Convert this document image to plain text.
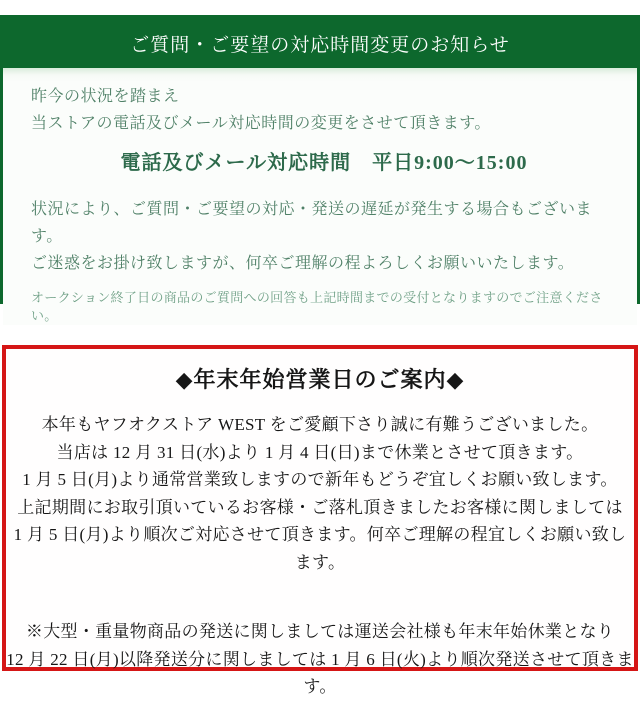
ご質問・ご要望の対応時間変更のお知らせ
昨今の状況を踏まえ
当ストアの電話及びメール対応時間の変更をさせて頂きます。
電話及びメール対応時間　平日9:00～15:00
状況により、ご質問・ご要望の対応・発送の遅延が発生する場合もございます。
ご迷惑をお掛け致しますが、何卒ご理解の程よろしくお願いいたします。
オークション終了日の商品のご質問への回答も上記時間までの受付となりますのでご注意ください。
◆年末年始営業日のご案内◆
本年もヤフオクストア WEST をご愛顧下さり誠に有難うございました。
当店は 12 月 31 日(水)より 1 月 4 日(日)まで休業とさせて頂きます。
1 月 5 日(月)より通常営業致しますので新年もどうぞ宜しくお願い致します。
上記期間にお取引頂いているお客様・ご落札頂きましたお客様に関しましては
1 月 5 日(月)より順次ご対応させて頂きます。何卒ご理解の程宜しくお願い致します。
※大型・重量物商品の発送に関しましては運送会社様も年末年始休業となり
12 月 22 日(月)以降発送分に関しましては 1 月 6 日(火)より順次発送させて頂きます。
